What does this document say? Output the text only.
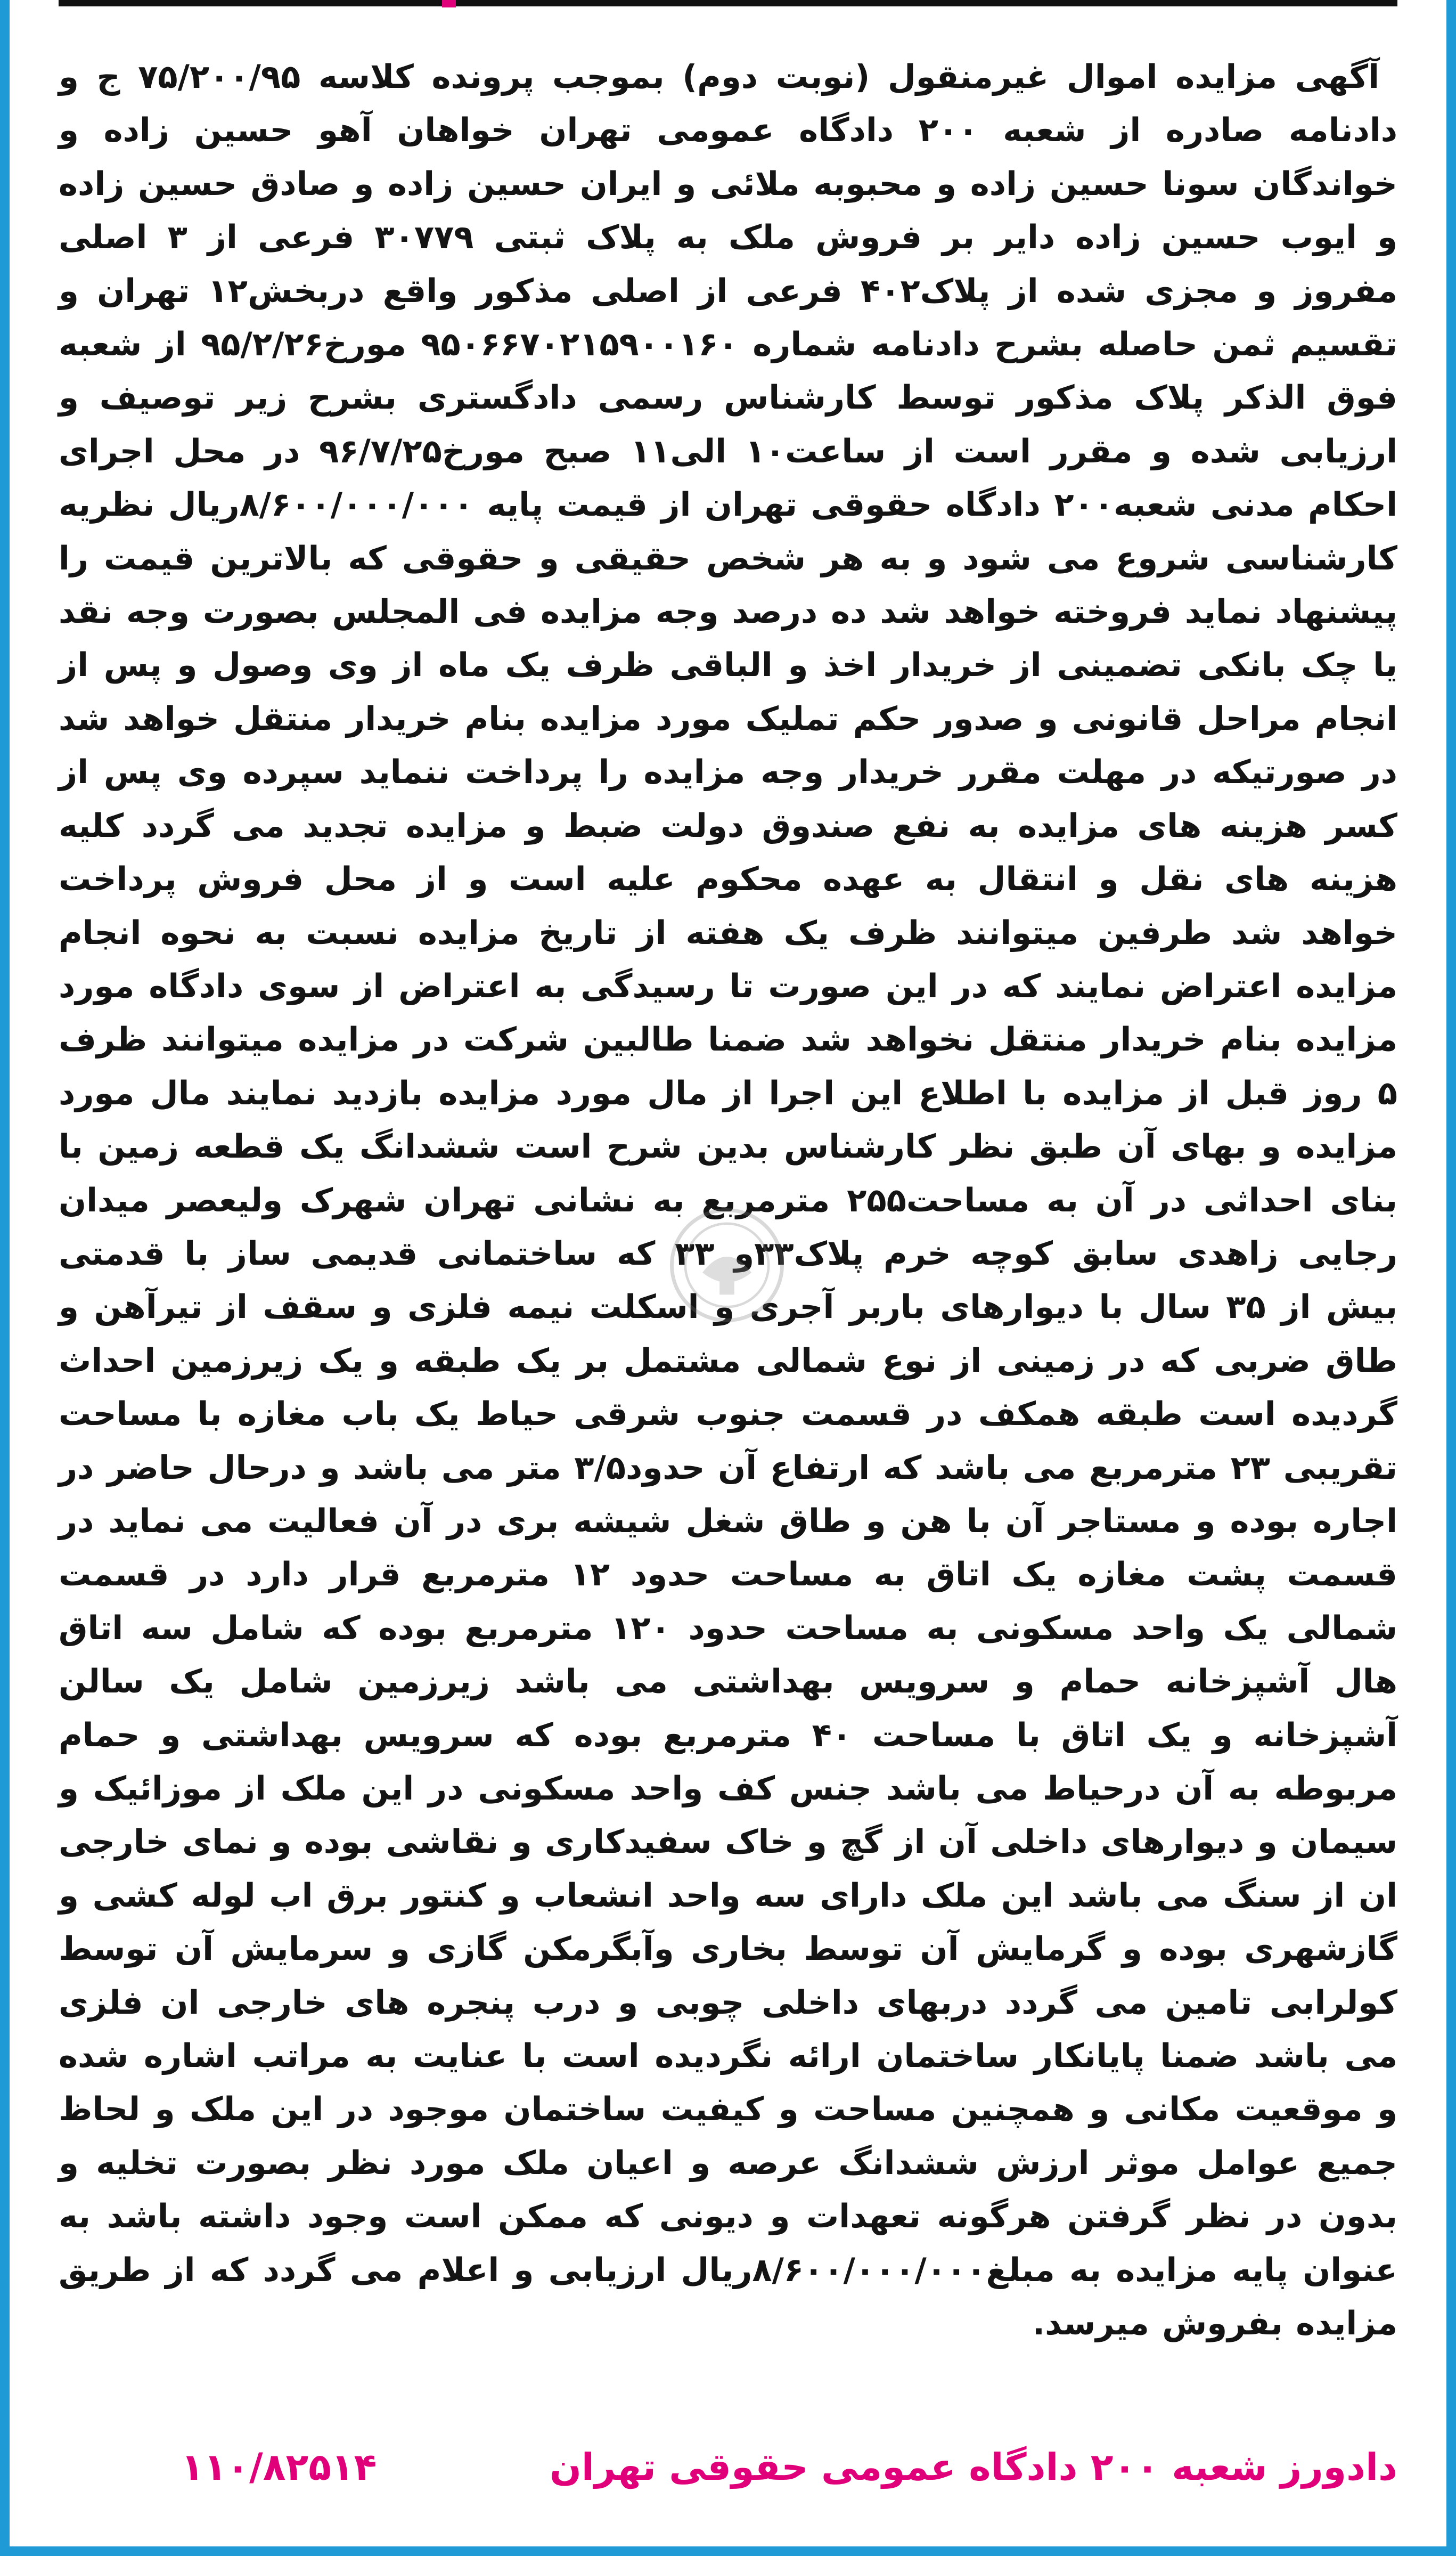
آگهی مزایده اموال غیرمنقول (نوبت دوم) بموجب پرونده کلاسه ۷۵/۲۰۰/۹۵ ج و دادنامه صادره از شعبه ۲۰۰ دادگاه عمومی تهران خواهان آهو حسین زاده و خواندگان سونا حسین زاده و محبوبه ملائی و ایران حسین زاده و صادق حسین زاده و ایوب حسین زاده دایر بر فروش ملک به پلاک ثبتی ۳۰۷۷۹ فرعی از ۳ اصلی مفروز و مجزی شده از پلاک۴۰۲ فرعی از اصلی مذکور واقع دربخش۱۲ تهران و تقسیم ثمن حاصله بشرح دادنامه شماره ۹۵۰۶۶۷۰۲۱۵۹۰۰۱۶۰ مورخ۹۵/۲/۲۶ از شعبه فوق الذکر پلاک مذکور توسط کارشناس رسمی دادگستری بشرح زیر توصیف و ارزیابی شده و مقرر است از ساعت۱۰ الی۱۱ صبح مورخ۹۶/۷/۲۵ در محل اجرای احکام مدنی شعبه۲۰۰ دادگاه حقوقی تهران از قیمت پایه ۸/۶۰۰/۰۰۰/۰۰۰ریال نظریه کارشناسی شروع می شود و به هر شخص حقیقی و حقوقی که بالاترین قیمت را پیشنهاد نماید فروخته خواهد شد ده درصد وجه مزایده فی المجلس بصورت وجه نقد یا چک بانکی تضمینی از خریدار اخذ و الباقی ظرف یک ماه از وی وصول و پس از انجام مراحل قانونی و صدور حکم تملیک مورد مزایده بنام خریدار منتقل خواهد شد در صورتیکه در مهلت مقرر خریدار وجه مزایده را پرداخت ننماید سپرده وی پس از کسر هزینه های مزایده به نفع صندوق دولت ضبط و مزایده تجدید می گردد کلیه هزینه های نقل و انتقال به عهده محکوم علیه است و از محل فروش پرداخت خواهد شد طرفین میتوانند ظرف یک هفته از تاریخ مزایده نسبت به نحوه انجام مزایده اعتراض نمایند که در این صورت تا رسیدگی به اعتراض از سوی دادگاه مورد مزایده بنام خریدار منتقل نخواهد شد ضمنا طالبین شرکت در مزایده میتوانند ظرف ۵ روز قبل از مزایده با اطلاع این اجرا از مال مورد مزایده بازدید نمایند مال مورد مزایده و بهای آن طبق نظر کارشناس بدین شرح است ششدانگ یک قطعه زمین با بنای احداثی در آن به مساحت۲۵۵ مترمربع به نشانی تهران شهرک ولیعصر میدان رجایی زاهدی سابق کوچه خرم پلاک۳۳و ۳۳ که ساختمانی قدیمی ساز با قدمتی بیش از ۳۵ سال با دیوارهای باربر آجری و اسکلت نیمه فلزی و سقف از تیرآهن و طاق ضربی که در زمینی از نوع شمالی مشتمل بر یک طبقه و یک زیرزمین احداث گردیده است طبقه همکف در قسمت جنوب شرقی حیاط یک باب مغازه با مساحت تقریبی ۲۳ مترمربع می باشد که ارتفاع آن حدود۳/۵ متر می باشد و درحال حاضر در اجاره بوده و مستاجر آن با هن و طاق شغل شیشه بری در آن فعالیت می نماید در قسمت پشت مغازه یک اتاق به مساحت حدود ۱۲ مترمربع قرار دارد در قسمت شمالی یک واحد مسکونی به مساحت حدود ۱۲۰ مترمربع بوده که شامل سه اتاق هال آشپزخانه حمام و سرویس بهداشتی می باشد زیرزمین شامل یک سالن آشپزخانه و یک اتاق با مساحت ۴۰ مترمربع بوده که سرویس بهداشتی و حمام مربوطه به آن درحیاط می باشد جنس کف واحد مسکونی در این ملک از موزائیک و سیمان و دیوارهای داخلی آن از گچ و خاک سفیدکاری و نقاشی بوده و نمای خارجی ان از سنگ می باشد این ملک دارای سه واحد انشعاب و کنتور برق اب لوله کشی و گازشهری بوده و گرمایش آن توسط بخاری وآبگرمکن گازی و سرمایش آن توسط کولرابی تامین می گردد دربهای داخلی چوبی و درب پنجره های خارجی ان فلزی می باشد ضمنا پایانکار ساختمان ارائه نگردیده است با عنایت به مراتب اشاره شده و موقعیت مکانی و همچنین مساحت و کیفیت ساختمان موجود در این ملک و لحاظ جمیع عوامل موثر ارزش ششدانگ عرصه و اعیان ملک مورد نظر بصورت تخلیه و بدون در نظر گرفتن هرگونه تعهدات و دیونی که ممکن است وجود داشته باشد به عنوان پایه مزایده به مبلغ۸/۶۰۰/۰۰۰/۰۰۰ریال ارزیابی و اعلام می گردد که از طریق مزایده بفروش میرسد.

دادورز شعبه ۲۰۰ دادگاه عمومی حقوقی تهران
۱۱۰/۸۲۵۱۴
